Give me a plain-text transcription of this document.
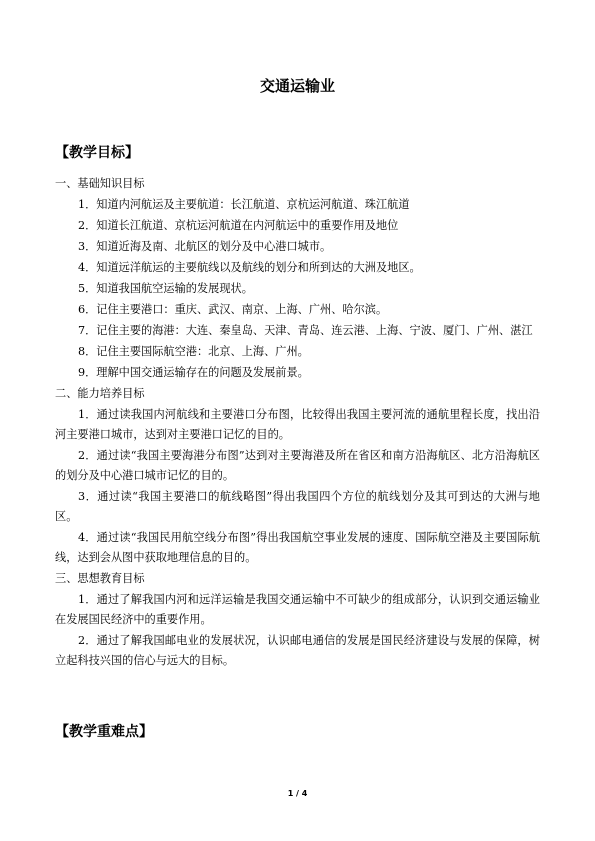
交通运输业
【教学目标】

一、基础知识目标

1．知道内河航运及主要航道：长江航道、京杭运河航道、珠江航道

2．知道长江航道、京杭运河航道在内河航运中的重要作用及地位

3．知道近海及南、北航区的划分及中心港口城市。

4．知道远洋航运的主要航线以及航线的划分和所到达的大洲及地区。

5．知道我国航空运输的发展现状。

6．记住主要港口：重庆、武汉、南京、上海、广州、哈尔滨。

7．记住主要的海港：大连、秦皇岛、天津、青岛、连云港、上海、宁波、厦门、广州、湛江

8．记住主要国际航空港：北京、上海、广州。

9．理解中国交通运输存在的问题及发展前景。

二、能力培养目标

1．通过读我国内河航线和主要港口分布图，比较得出我国主要河流的通航里程长度，找出沿河主要港口城市，达到对主要港口记忆的目的。

2．通过读“我国主要海港分布图”达到对主要海港及所在省区和南方沿海航区、北方沿海航区的划分及中心港口城市记忆的目的。

3．通过读“我国主要港口的航线略图”得出我国四个方位的航线划分及其可到达的大洲与地区。

4．通过读“我国民用航空线分布图”得出我国航空事业发展的速度、国际航空港及主要国际航线，达到会从图中获取地理信息的目的。

三、思想教育目标

1．通过了解我国内河和远洋运输是我国交通运输中不可缺少的组成部分，认识到交通运输业在发展国民经济中的重要作用。

2．通过了解我国邮电业的发展状况，认识邮电通信的发展是国民经济建设与发展的保障，树立起科技兴国的信心与远大的目标。

【教学重难点】
1 / 4
